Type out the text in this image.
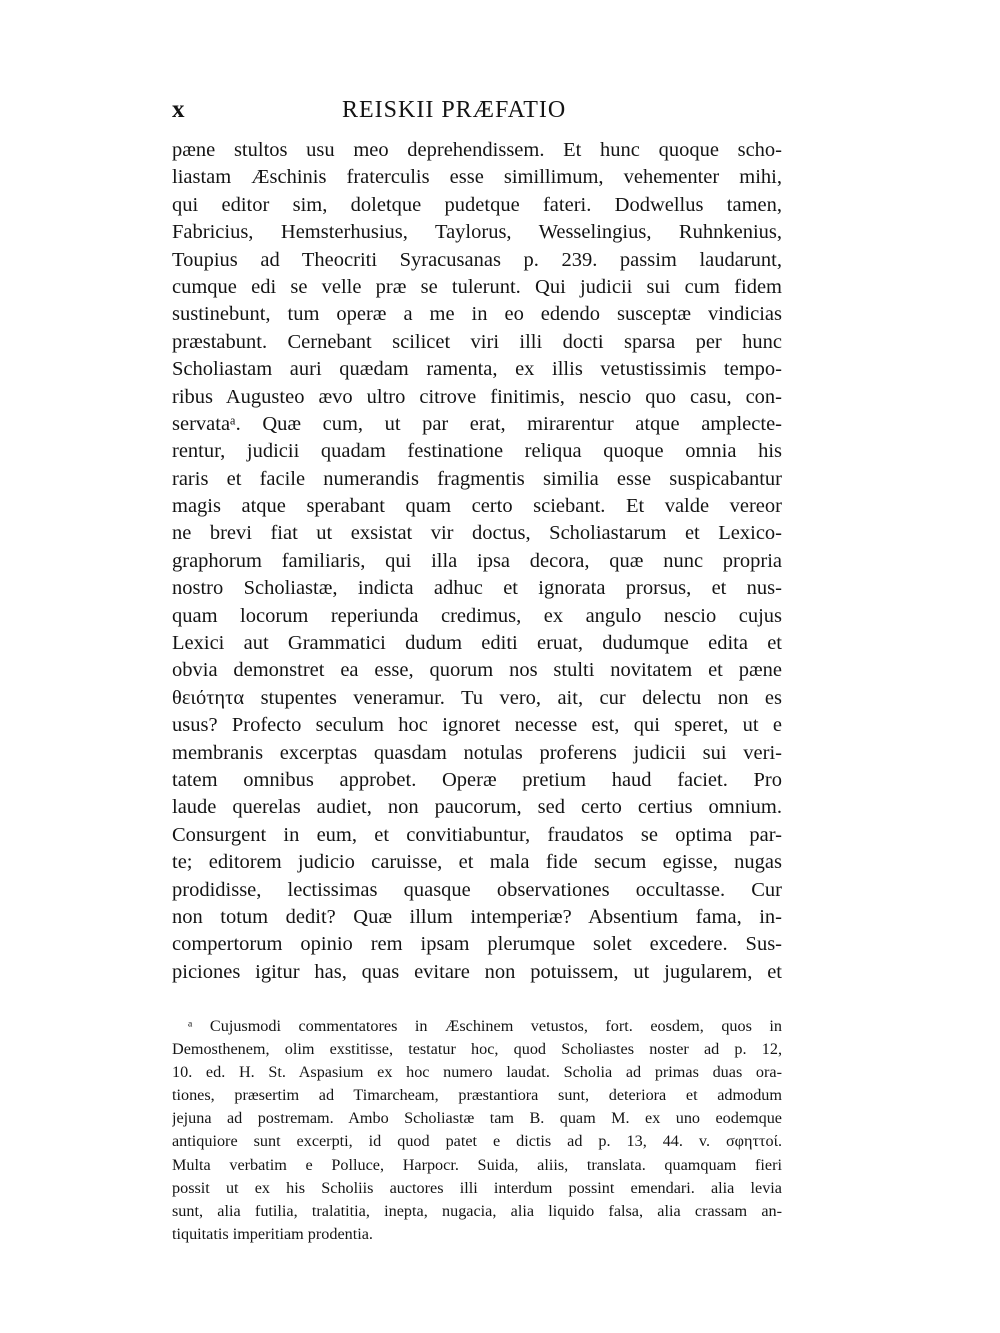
x	REISKII PRÆFATIO
pæne stultos usu meo deprehendissem. Et hunc quoque scho-
liastam Æschinis fraterculis esse simillimum, vehementer mihi,
qui editor sim, doletque pudetque fateri. Dodwellus tamen,
Fabricius, Hemsterhusius, Taylorus, Wesselingius, Ruhnkenius,
Toupius ad Theocriti Syracusanas p. 239. passim laudarunt,
cumque edi se velle præ se tulerunt. Qui judicii sui cum fidem
sustinebunt, tum operæ a me in eo edendo susceptæ vindicias
præstabunt. Cernebant scilicet viri illi docti sparsa per hunc
Scholiastam auri quædam ramenta, ex illis vetustissimis tempo-
ribus Augusteo ævo ultro citrove finitimis, nescio quo casu, con-
servataᵃ. Quæ cum, ut par erat, mirarentur atque amplecte-
rentur, judicii quadam festinatione reliqua quoque omnia his
raris et facile numerandis fragmentis similia esse suspicabantur
magis atque sperabant quam certo sciebant. Et valde vereor
ne brevi fiat ut exsistat vir doctus, Scholiastarum et Lexico-
graphorum familiaris, qui illa ipsa decora, quæ nunc propria
nostro Scholiastæ, indicta adhuc et ignorata prorsus, et nus-
quam locorum reperiunda credimus, ex angulo nescio cujus
Lexici aut Grammatici dudum editi eruat, dudumque edita et
obvia demonstret ea esse, quorum nos stulti novitatem et pæne
θειότητα stupentes veneramur. Tu vero, ait, cur delectu non es
usus? Profecto seculum hoc ignoret necesse est, qui speret, ut e
membranis excerptas quasdam notulas proferens judicii sui veri-
tatem omnibus approbet. Operæ pretium haud faciet. Pro
laude querelas audiet, non paucorum, sed certo certius omnium.
Consurgent in eum, et convitiabuntur, fraudatos se optima par-
te; editorem judicio caruisse, et mala fide secum egisse, nugas
prodidisse, lectissimas quasque observationes occultasse. Cur
non totum dedit? Quæ illum intemperiæ? Absentium fama, in-
compertorum opinio rem ipsam plerumque solet excedere. Sus-
piciones igitur has, quas evitare non potuissem, ut jugularem, et
ᵃ Cujusmodi commentatores in Æschinem vetustos, fort. eosdem, quos in
Demosthenem, olim exstitisse, testatur hoc, quod Scholiastes noster ad p. 12,
10. ed. H. St. Aspasium ex hoc numero laudat. Scholia ad primas duas ora-
tiones, præsertim ad Timarcheam, præstantiora sunt, deteriora et admodum
jejuna ad postremam. Ambo Scholiastæ tam B. quam M. ex uno eodemque
antiquiore sunt excerpti, id quod patet e dictis ad p. 13, 44. v. σφηττοί.
Multa verbatim e Polluce, Harpocr. Suida, aliis, translata. quamquam fieri
possit ut ex his Scholiis auctores illi interdum possint emendari. alia levia
sunt, alia futilia, tralatitia, inepta, nugacia, alia liquido falsa, alia crassam an-
tiquitatis imperitiam prodentia.
